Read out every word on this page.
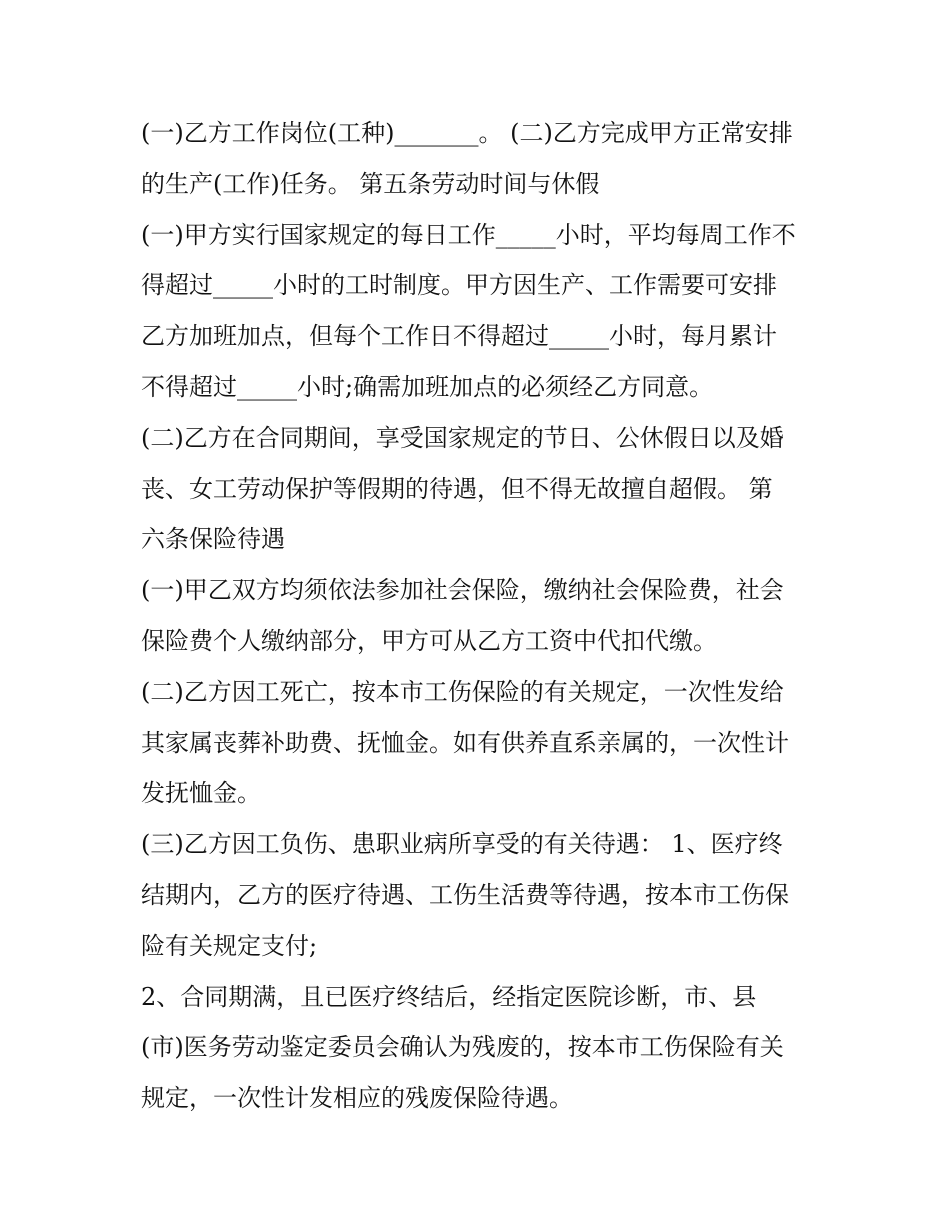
(一)乙方工作岗位(工种)_______。 (二)乙方完成甲方正常安排
的生产(工作)任务。 第五条劳动时间与休假
(一)甲方实行国家规定的每日工作_____小时，平均每周工作不
得超过_____小时的工时制度。甲方因生产、工作需要可安排
乙方加班加点，但每个工作日不得超过_____小时，每月累计
不得超过_____小时;确需加班加点的必须经乙方同意。
(二)乙方在合同期间，享受国家规定的节日、公休假日以及婚
丧、女工劳动保护等假期的待遇，但不得无故擅自超假。 第
六条保险待遇
(一)甲乙双方均须依法参加社会保险，缴纳社会保险费，社会
保险费个人缴纳部分，甲方可从乙方工资中代扣代缴。
(二)乙方因工死亡，按本市工伤保险的有关规定，一次性发给
其家属丧葬补助费、抚恤金。如有供养直系亲属的，一次性计
发抚恤金。
(三)乙方因工负伤、患职业病所享受的有关待遇： 1、医疗终
结期内，乙方的医疗待遇、工伤生活费等待遇，按本市工伤保
险有关规定支付;
2、合同期满，且已医疗终结后，经指定医院诊断，市、县
(市)医务劳动鉴定委员会确认为残废的，按本市工伤保险有关
规定，一次性计发相应的残废保险待遇。
